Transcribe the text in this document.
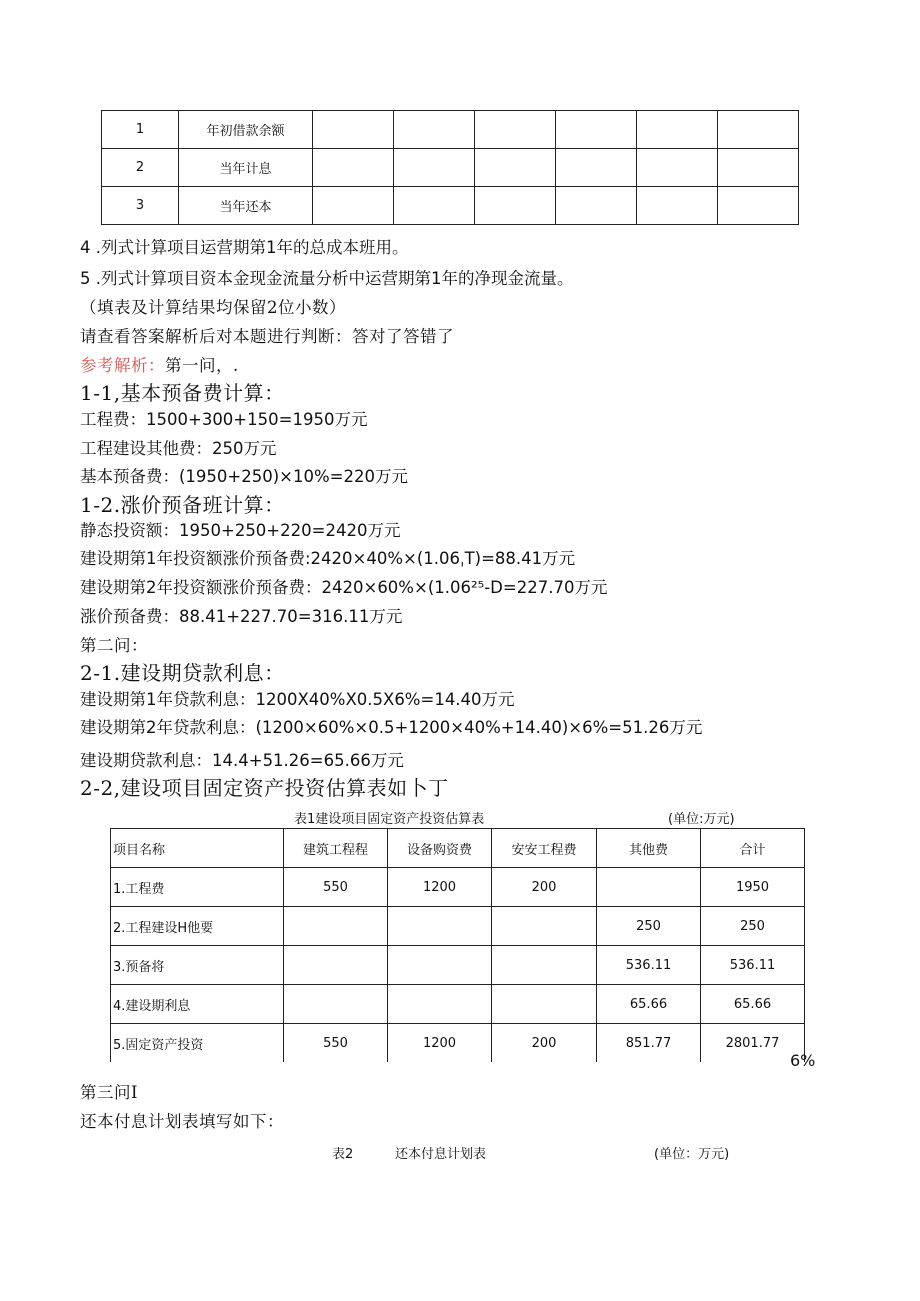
1	年初借款余额						
2	当年计息						
3	当年还本						
4 .列式计算项目运营期第1年的总成本班用。
5 .列式计算项目资本金现金流量分析中运营期第1年的净现金流量。
（填表及计算结果均保留2位小数）
请查看答案解析后对本题进行判断：答对了答错了
参考解析：第一问，.
1-1,基本预备费计算：
工程费：1500+300+150=1950万元
工程建设其他费：250万元
基本预备费：(1950+250)×10%=220万元
1-2.涨价预备班计算：
静态投资额：1950+250+220=2420万元
建设期第1年投资额涨价预备费:2420×40%×(1.06ˌT)=88.41万元
建设期第2年投资额涨价预备费：2420×60%×(1.06²⁵-D=227.70万元
涨价预备费：88.41+227.70=316.11万元
第二问：
2-1.建设期贷款利息：
建设期第1年贷款利息：1200X40%X0.5X6%=14.40万元
建设期第2年贷款利息：(1200×60%×0.5+1200×40%+14.40)×6%=51.26万元
建设期贷款利息：14.4+51.26=65.66万元
2-2,建设项目固定资产投资估算表如卜丁
表1建设项目固定资产投资估算表	(单位:万元)
项目名称	建筑工程程	设备购资费	安安工程费	其他费	合计
1.工程费	550	1200	200		1950
2.工程建设H他要				250	250
3.预备将				536.11	536.11
4.建设期利息				65.66	65.66
5.固定资产投资	550	1200	200	851.77	2801.77
6%
第三问I
还本付息计划表填写如下：
表2	还本付息计划表	(单位：万元)
